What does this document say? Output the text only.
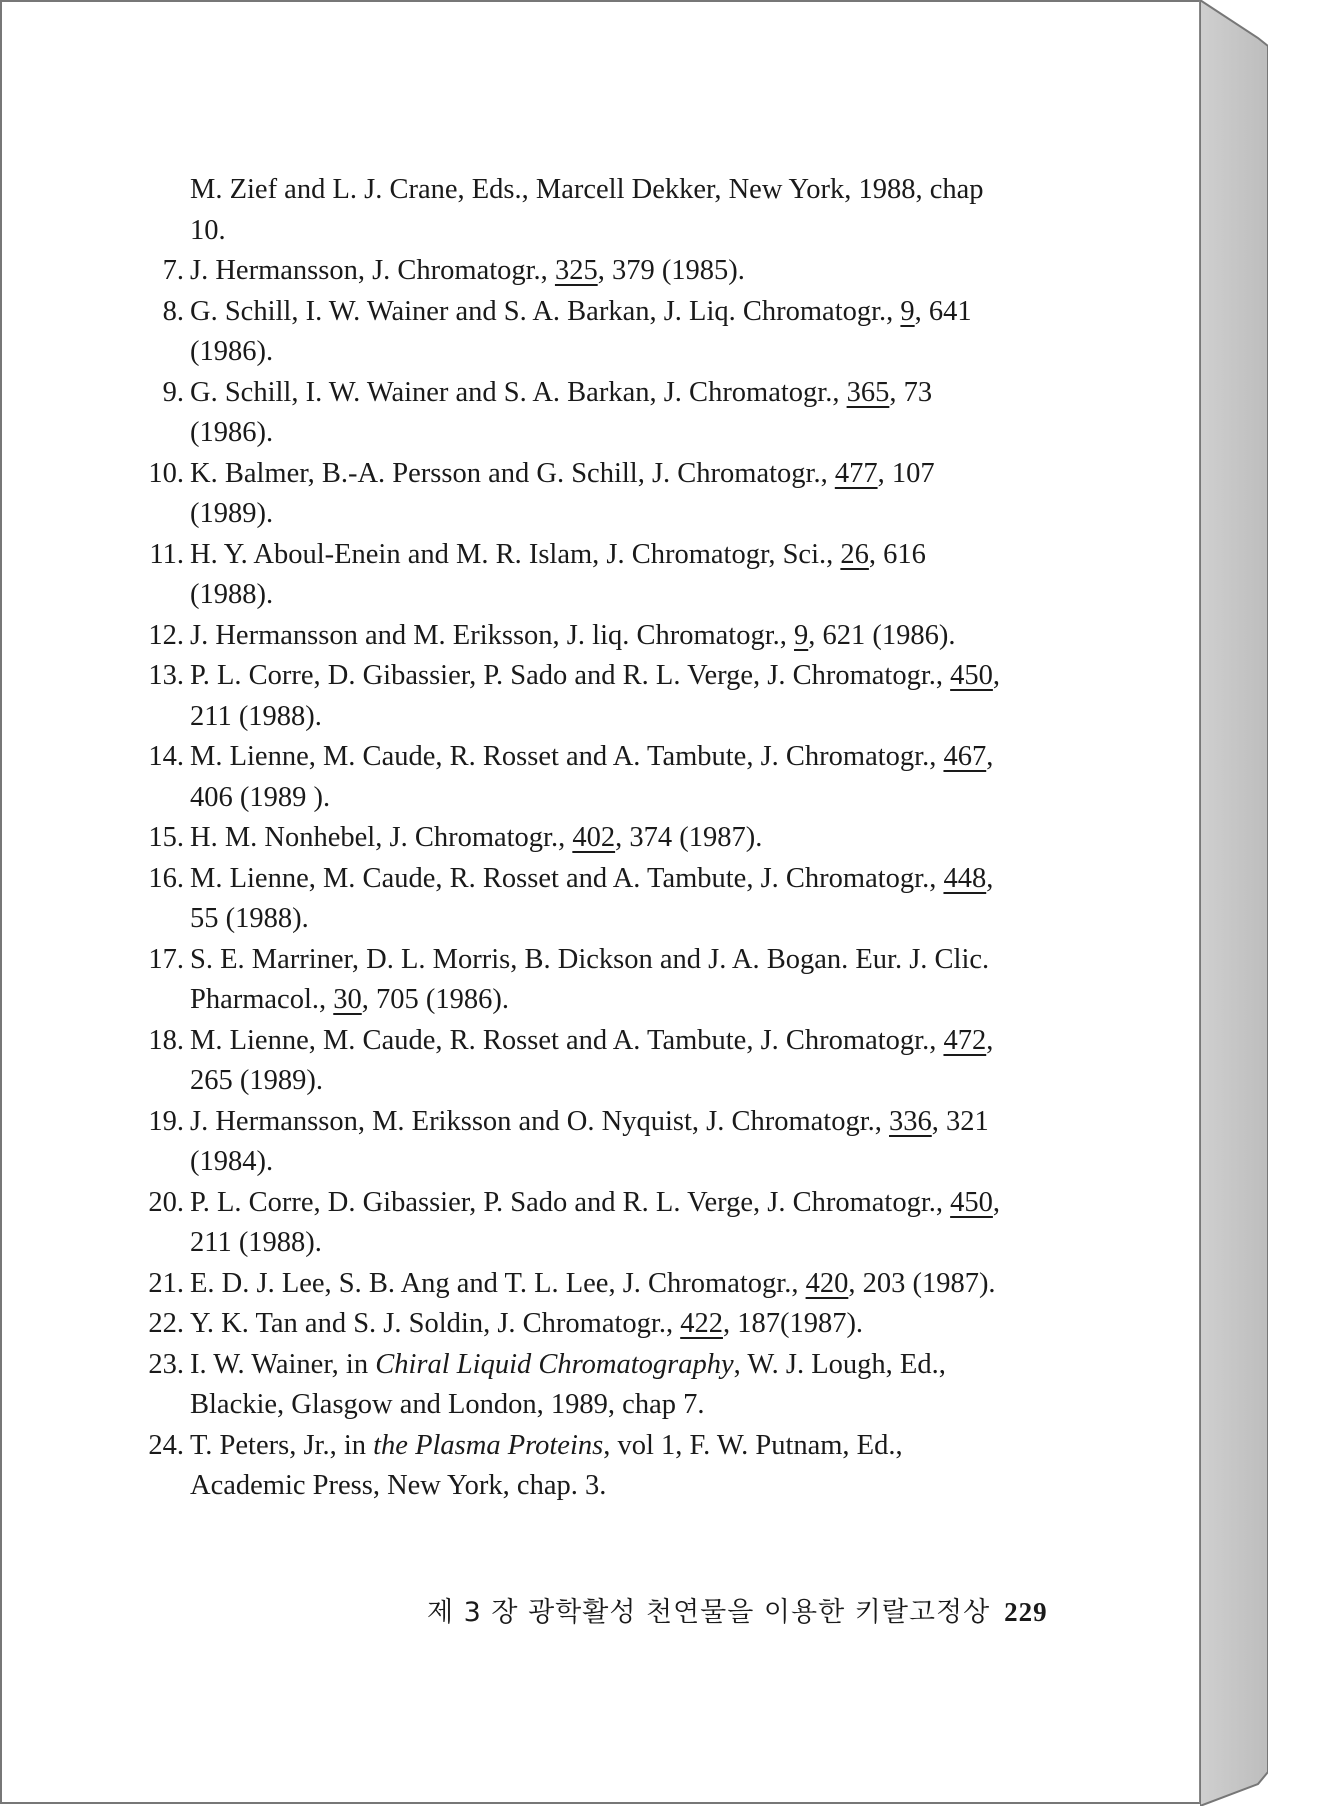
M. Zief and L. J. Crane, Eds., Marcell Dekker, New York, 1988, chap 10.
7. J. Hermansson, J. Chromatogr., 325, 379 (1985).
8. G. Schill, I. W. Wainer and S. A. Barkan, J. Liq. Chromatogr., 9, 641 (1986).
9. G. Schill, I. W. Wainer and S. A. Barkan, J. Chromatogr., 365, 73 (1986).
10. K. Balmer, B.-A. Persson and G. Schill, J. Chromatogr., 477, 107 (1989).
11. H. Y. Aboul-Enein and M. R. Islam, J. Chromatogr, Sci., 26, 616 (1988).
12. J. Hermansson and M. Eriksson, J. liq. Chromatogr., 9, 621 (1986).
13. P. L. Corre, D. Gibassier, P. Sado and R. L. Verge, J. Chromatogr., 450, 211 (1988).
14. M. Lienne, M. Caude, R. Rosset and A. Tambute, J. Chromatogr., 467, 406 (1989 ).
15. H. M. Nonhebel, J. Chromatogr., 402, 374 (1987).
16. M. Lienne, M. Caude, R. Rosset and A. Tambute, J. Chromatogr., 448, 55 (1988).
17. S. E. Marriner, D. L. Morris, B. Dickson and J. A. Bogan. Eur. J. Clic. Pharmacol., 30, 705 (1986).
18. M. Lienne, M. Caude, R. Rosset and A. Tambute, J. Chromatogr., 472, 265 (1989).
19. J. Hermansson, M. Eriksson and O. Nyquist, J. Chromatogr., 336, 321 (1984).
20. P. L. Corre, D. Gibassier, P. Sado and R. L. Verge, J. Chromatogr., 450, 211 (1988).
21. E. D. J. Lee, S. B. Ang and T. L. Lee, J. Chromatogr., 420, 203 (1987).
22. Y. K. Tan and S. J. Soldin, J. Chromatogr., 422, 187(1987).
23. I. W. Wainer, in Chiral Liquid Chromatography, W. J. Lough, Ed., Blackie, Glasgow and London, 1989, chap 7.
24. T. Peters, Jr., in the Plasma Proteins, vol 1, F. W. Putnam, Ed., Academic Press, New York, chap. 3.
제 3 장 광학활성 천연물을 이용한 키랄고정상 229
